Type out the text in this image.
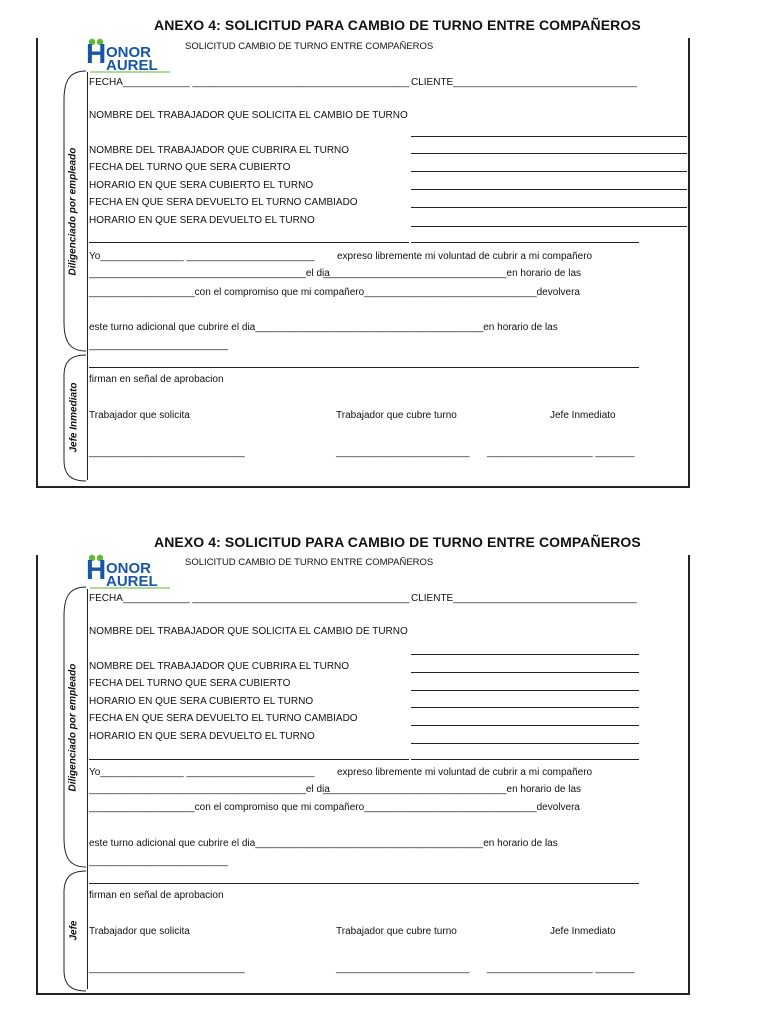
ANEXO 4: SOLICITUD PARA CAMBIO DE TURNO ENTRE COMPAÑEROS
H ONOR
AUREL
SOLICITUD CAMBIO DE TURNO ENTRE COMPAÑEROS
FECHA____________ _______________________________________ CLIENTE_________________________________
NOMBRE DEL TRABAJADOR QUE SOLICITA EL CAMBIO DE TURNO
NOMBRE DEL TRABAJADOR QUE CUBRIRA EL TURNO
FECHA DEL TURNO QUE SERA CUBIERTO
HORARIO EN QUE SERA CUBIERTO EL TURNO
FECHA EN QUE SERA DEVUELTO EL TURNO CAMBIADO
HORARIO EN QUE SERA DEVUELTO EL TURNO
Yo_______________ _______________________ expreso libremente mi voluntad de cubrir a mi compañero
_______________________________________el dia
_________________________________en horario de las
___________________con el compromiso que mi compañero_______________________________devolvera
este turno adicional que cubrire el dia_________________________________________en horario de las
_________________________
firman en señal de aprobacion
Trabajador que solicita	Trabajador que cubre turno	Jefe Inmediato
____________________________	________________________ ___________________ _______
Diligenciado por empleado
Jefe Inmediato
ANEXO 4: SOLICITUD PARA CAMBIO DE TURNO ENTRE COMPAÑEROS
H ONOR
AUREL
SOLICITUD CAMBIO DE TURNO ENTRE COMPAÑEROS
FECHA____________ _______________________________________ CLIENTE_________________________________
NOMBRE DEL TRABAJADOR QUE SOLICITA EL CAMBIO DE TURNO
NOMBRE DEL TRABAJADOR QUE CUBRIRA EL TURNO
FECHA DEL TURNO QUE SERA CUBIERTO
HORARIO EN QUE SERA CUBIERTO EL TURNO
FECHA EN QUE SERA DEVUELTO EL TURNO CAMBIADO
HORARIO EN QUE SERA DEVUELTO EL TURNO
Yo_______________ _______________________ expreso libremente mi voluntad de cubrir a mi compañero
_______________________________________el dia
_________________________________en horario de las
___________________con el compromiso que mi compañero_______________________________devolvera
este turno adicional que cubrire el dia_________________________________________en horario de las
_________________________
firman en señal de aprobacion
Trabajador que solicita	Trabajador que cubre turno	Jefe Inmediato
____________________________	________________________ ___________________ _______
Diligenciado por empleado
Jefe
